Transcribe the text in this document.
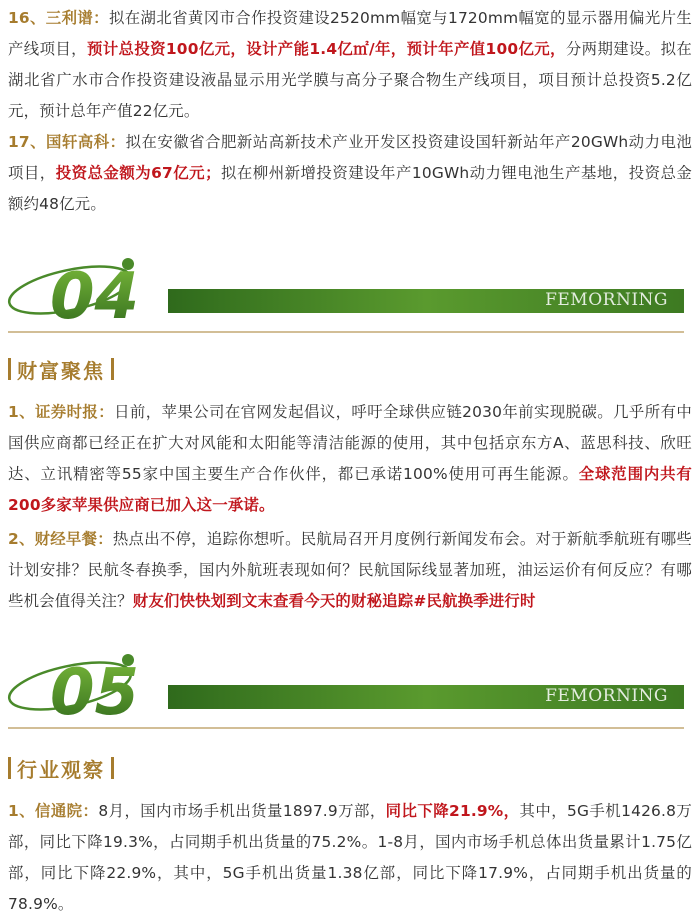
16、三利谱：拟在湖北省黄冈市合作投资建设2520mm幅宽与1720mm幅宽的显示器用偏光片生产线项目，预计总投资100亿元，设计产能1.4亿㎡/年，预计年产值100亿元，分两期建设。拟在湖北省广水市合作投资建设液晶显示用光学膜与高分子聚合物生产线项目，项目预计总投资5.2亿元，预计总年产值22亿元。

17、国轩高科：拟在安徽省合肥新站高新技术产业开发区投资建设国轩新站年产20GWh动力电池项目，投资总金额为67亿元；拟在柳州新增投资建设年产10GWh动力锂电池生产基地，投资总金额约48亿元。

04	FEMORNING
财富聚焦

1、证券时报：日前，苹果公司在官网发起倡议，呼吁全球供应链2030年前实现脱碳。几乎所有中国供应商都已经正在扩大对风能和太阳能等清洁能源的使用，其中包括京东方A、蓝思科技、欣旺达、立讯精密等55家中国主要生产合作伙伴，都已承诺100%使用可再生能源。全球范围内共有200多家苹果供应商已加入这一承诺。

2、财经早餐：热点出不停，追踪你想听。民航局召开月度例行新闻发布会。对于新航季航班有哪些计划安排？民航冬春换季，国内外航班表现如何？民航国际线显著加班，油运运价有何反应？有哪些机会值得关注？财友们快快划到文末查看今天的财秘追踪#民航换季进行时

05	FEMORNING
行业观察

1、信通院：8月，国内市场手机出货量1897.9万部，同比下降21.9%，其中，5G手机1426.8万部，同比下降19.3%，占同期手机出货量的75.2%。1-8月，国内市场手机总体出货量累计1.75亿部，同比下降22.9%，其中，5G手机出货量1.38亿部，同比下降17.9%，占同期手机出货量的78.9%。
